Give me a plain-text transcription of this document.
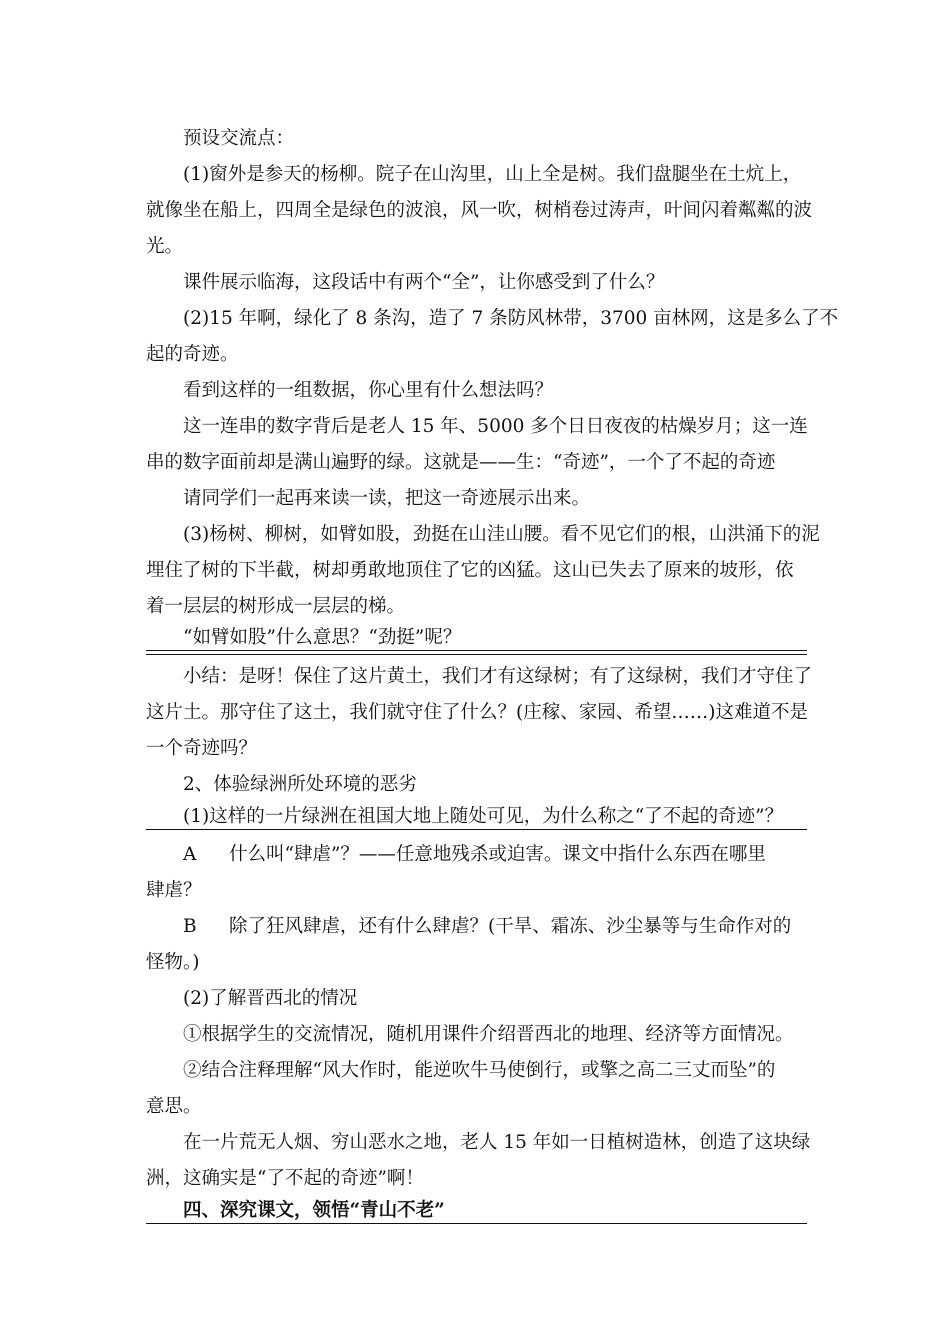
预设交流点：
(1)窗外是参天的杨柳。院子在山沟里，山上全是树。我们盘腿坐在土炕上，
就像坐在船上，四周全是绿色的波浪，风一吹，树梢卷过涛声，叶间闪着粼粼的波
光。
课件展示临海，这段话中有两个“全”，让你感受到了什么？
(2)15 年啊，绿化了 8 条沟，造了 7 条防风林带，3700 亩林网，这是多么了不
起的奇迹。
看到这样的一组数据，你心里有什么想法吗？
这一连串的数字背后是老人 15 年、5000 多个日日夜夜的枯燥岁月；这一连
串的数字面前却是满山遍野的绿。这就是——生：“奇迹”，一个了不起的奇迹
请同学们一起再来读一读，把这一奇迹展示出来。
(3)杨树、柳树，如臂如股，劲挺在山洼山腰。看不见它们的根，山洪涌下的泥
埋住了树的下半截，树却勇敢地顶住了它的凶猛。这山已失去了原来的坡形，依
着一层层的树形成一层层的梯。
“如臂如股”什么意思？“劲挺”呢？
小结：是呀！保住了这片黄土，我们才有这绿树；有了这绿树，我们才守住了
这片土。那守住了这土，我们就守住了什么？(庄稼、家园、希望……)这难道不是
一个奇迹吗？
2、体验绿洲所处环境的恶劣
(1)这样的一片绿洲在祖国大地上随处可见，为什么称之“了不起的奇迹”？
A 什么叫“肆虐”？——任意地残杀或迫害。课文中指什么东西在哪里
肆虐？
B 除了狂风肆虐，还有什么肆虐？(干旱、霜冻、沙尘暴等与生命作对的
怪物。)
(2)了解晋西北的情况
①根据学生的交流情况，随机用课件介绍晋西北的地理、经济等方面情况。
②结合注释理解“风大作时，能逆吹牛马使倒行，或擎之高二三丈而坠”的
意思。
在一片荒无人烟、穷山恶水之地，老人 15 年如一日植树造林，创造了这块绿
洲，这确实是“了不起的奇迹”啊！
四、深究课文，领悟“青山不老”
